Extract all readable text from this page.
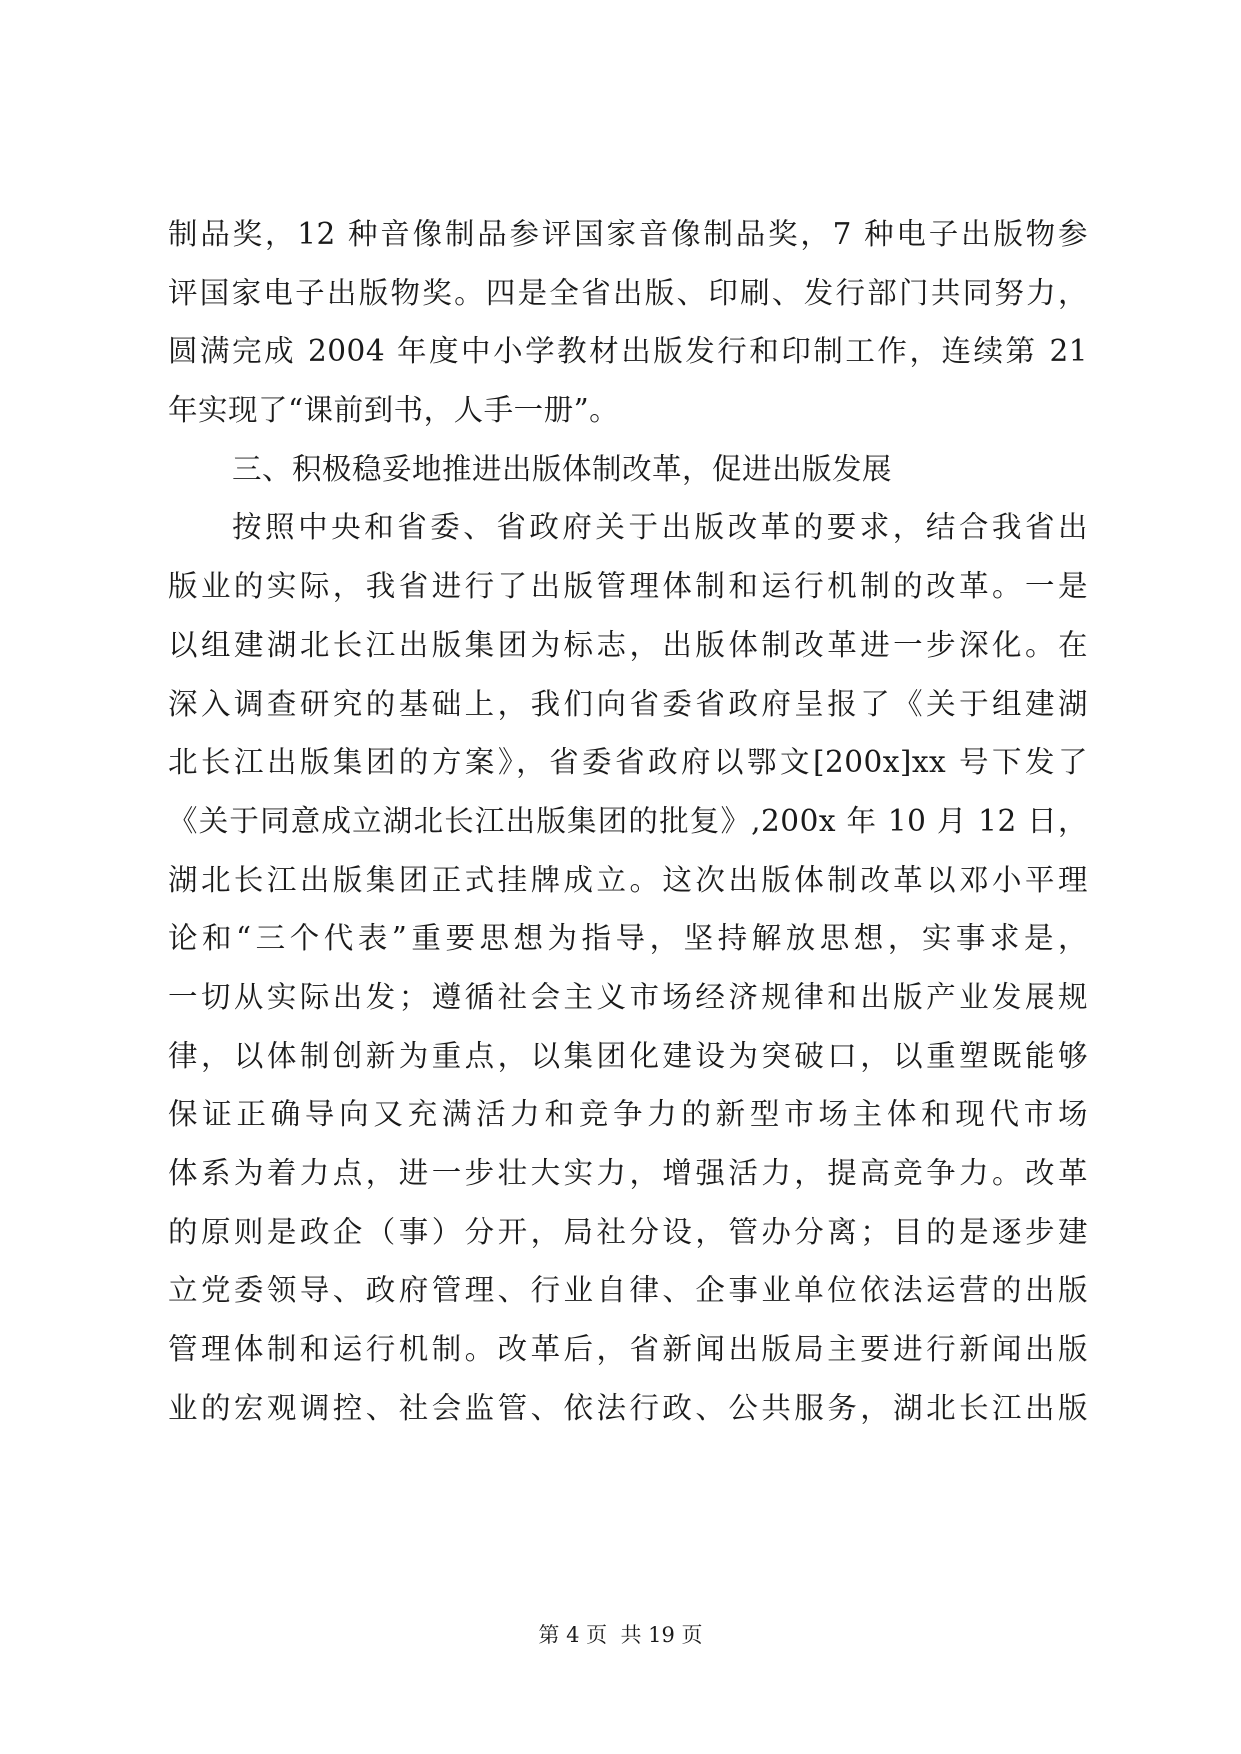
制品奖，12 种音像制品参评国家音像制品奖，7 种电子出版物参
评国家电子出版物奖。四是全省出版、印刷、发行部门共同努力，
圆满完成 2004 年度中小学教材出版发行和印制工作，连续第 21
年实现了“课前到书，人手一册”。
三、积极稳妥地推进出版体制改革，促进出版发展
按照中央和省委、省政府关于出版改革的要求，结合我省出
版业的实际，我省进行了出版管理体制和运行机制的改革。一是
以组建湖北长江出版集团为标志，出版体制改革进一步深化。在
深入调查研究的基础上，我们向省委省政府呈报了《关于组建湖
北长江出版集团的方案》，省委省政府以鄂文[200x]xx 号下发了
《关于同意成立湖北长江出版集团的批复》,200x 年 10 月 12 日，
湖北长江出版集团正式挂牌成立。这次出版体制改革以邓小平理
论和“三个代表”重要思想为指导，坚持解放思想，实事求是，
一切从实际出发；遵循社会主义市场经济规律和出版产业发展规
律，以体制创新为重点，以集团化建设为突破口，以重塑既能够
保证正确导向又充满活力和竞争力的新型市场主体和现代市场
体系为着力点，进一步壮大实力，增强活力，提高竞争力。改革
的原则是政企（事）分开，局社分设，管办分离；目的是逐步建
立党委领导、政府管理、行业自律、企事业单位依法运营的出版
管理体制和运行机制。改革后，省新闻出版局主要进行新闻出版
业的宏观调控、社会监管、依法行政、公共服务，湖北长江出版
第 4 页  共 19 页
